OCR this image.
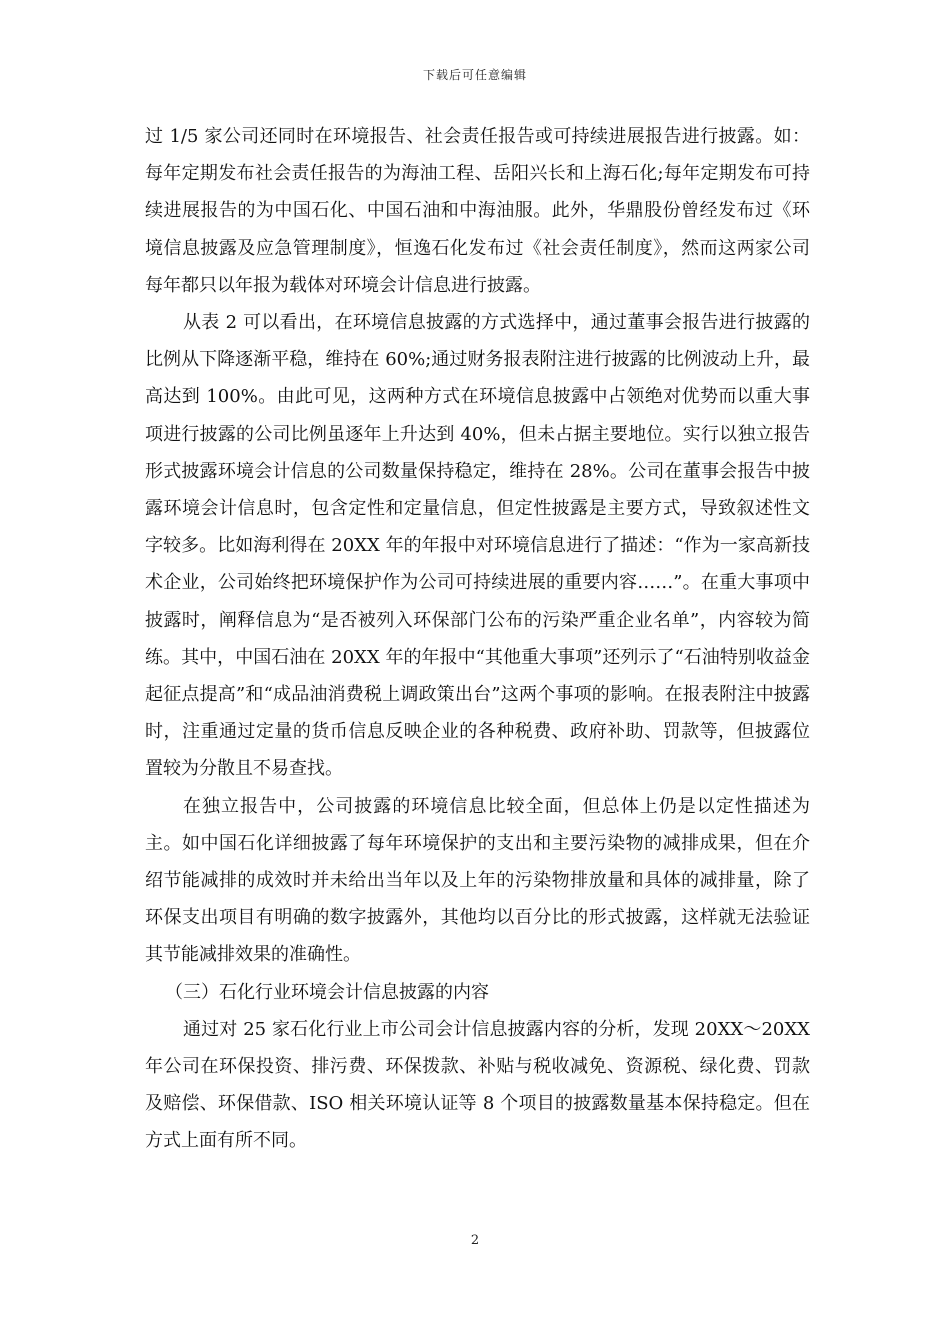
下载后可任意编辑

过 1/5 家公司还同时在环境报告、社会责任报告或可持续进展报告进行披露。如：每年定期发布社会责任报告的为海油工程、岳阳兴长和上海石化;每年定期发布可持续进展报告的为中国石化、中国石油和中海油服。此外，华鼎股份曾经发布过《环境信息披露及应急管理制度》，恒逸石化发布过《社会责任制度》，然而这两家公司每年都只以年报为载体对环境会计信息进行披露。

从表 2 可以看出，在环境信息披露的方式选择中，通过董事会报告进行披露的比例从下降逐渐平稳，维持在 60%;通过财务报表附注进行披露的比例波动上升，最高达到 100%。由此可见，这两种方式在环境信息披露中占领绝对优势而以重大事项进行披露的公司比例虽逐年上升达到 40%，但未占据主要地位。实行以独立报告形式披露环境会计信息的公司数量保持稳定，维持在 28%。公司在董事会报告中披露环境会计信息时，包含定性和定量信息，但定性披露是主要方式，导致叙述性文字较多。比如海利得在 20XX 年的年报中对环境信息进行了描述：“作为一家高新技术企业，公司始终把环境保护作为公司可持续进展的重要内容……”。在重大事项中披露时，阐释信息为“是否被列入环保部门公布的污染严重企业名单”，内容较为简练。其中，中国石油在 20XX 年的年报中“其他重大事项”还列示了“石油特别收益金起征点提高”和“成品油消费税上调政策出台”这两个事项的影响。在报表附注中披露时，注重通过定量的货币信息反映企业的各种税费、政府补助、罚款等，但披露位置较为分散且不易查找。

在独立报告中，公司披露的环境信息比较全面，但总体上仍是以定性描述为主。如中国石化详细披露了每年环境保护的支出和主要污染物的减排成果，但在介绍节能减排的成效时并未给出当年以及上年的污染物排放量和具体的减排量，除了环保支出项目有明确的数字披露外，其他均以百分比的形式披露，这样就无法验证其节能减排效果的准确性。

（三）石化行业环境会计信息披露的内容

通过对 25 家石化行业上市公司会计信息披露内容的分析，发现 20XX～20XX 年公司在环保投资、排污费、环保拨款、补贴与税收减免、资源税、绿化费、罚款及赔偿、环保借款、ISO 相关环境认证等 8 个项目的披露数量基本保持稳定。但在方式上面有所不同。

2
